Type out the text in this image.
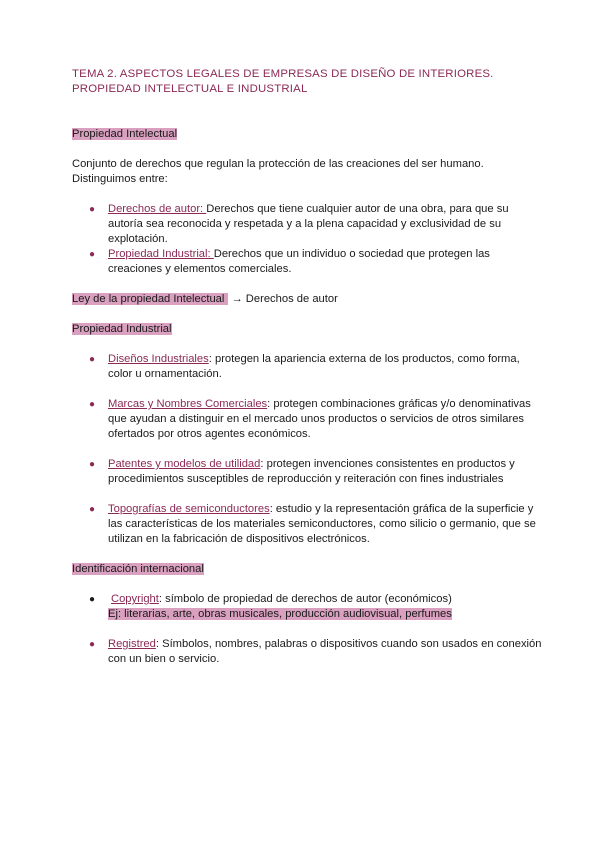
TEMA 2. ASPECTOS LEGALES DE EMPRESAS DE DISEÑO DE INTERIORES.
PROPIEDAD INTELECTUAL E INDUSTRIAL

Propiedad Intelectual

Conjunto de derechos que regulan la protección de las creaciones del ser humano. Distinguimos entre:

● Derechos de autor: Derechos que tiene cualquier autor de una obra, para que su autoría sea reconocida y respetada y a la plena capacidad y exclusividad de su explotación.
● Propiedad Industrial: Derechos que un individuo o sociedad que protegen las creaciones y elementos comerciales.

Ley de la propiedad Intelectual → Derechos de autor

Propiedad Industrial

● Diseños Industriales: protegen la apariencia externa de los productos, como forma, color u ornamentación.
● Marcas y Nombres Comerciales: protegen combinaciones gráficas y/o denominativas que ayudan a distinguir en el mercado unos productos o servicios de otros similares ofertados por otros agentes económicos.
● Patentes y modelos de utilidad: protegen invenciones consistentes en productos y procedimientos susceptibles de reproducción y reiteración con fines industriales
● Topografías de semiconductores: estudio y la representación gráfica de la superficie y las características de los materiales semiconductores, como silicio o germanio, que se utilizan en la fabricación de dispositivos electrónicos.

Identificación internacional

● Copyright: símbolo de propiedad de derechos de autor (económicos)
Ej: literarias, arte, obras musicales, producción audiovisual, perfumes
● Registred: Símbolos, nombres, palabras o dispositivos cuando son usados en conexión con un bien o servicio.
